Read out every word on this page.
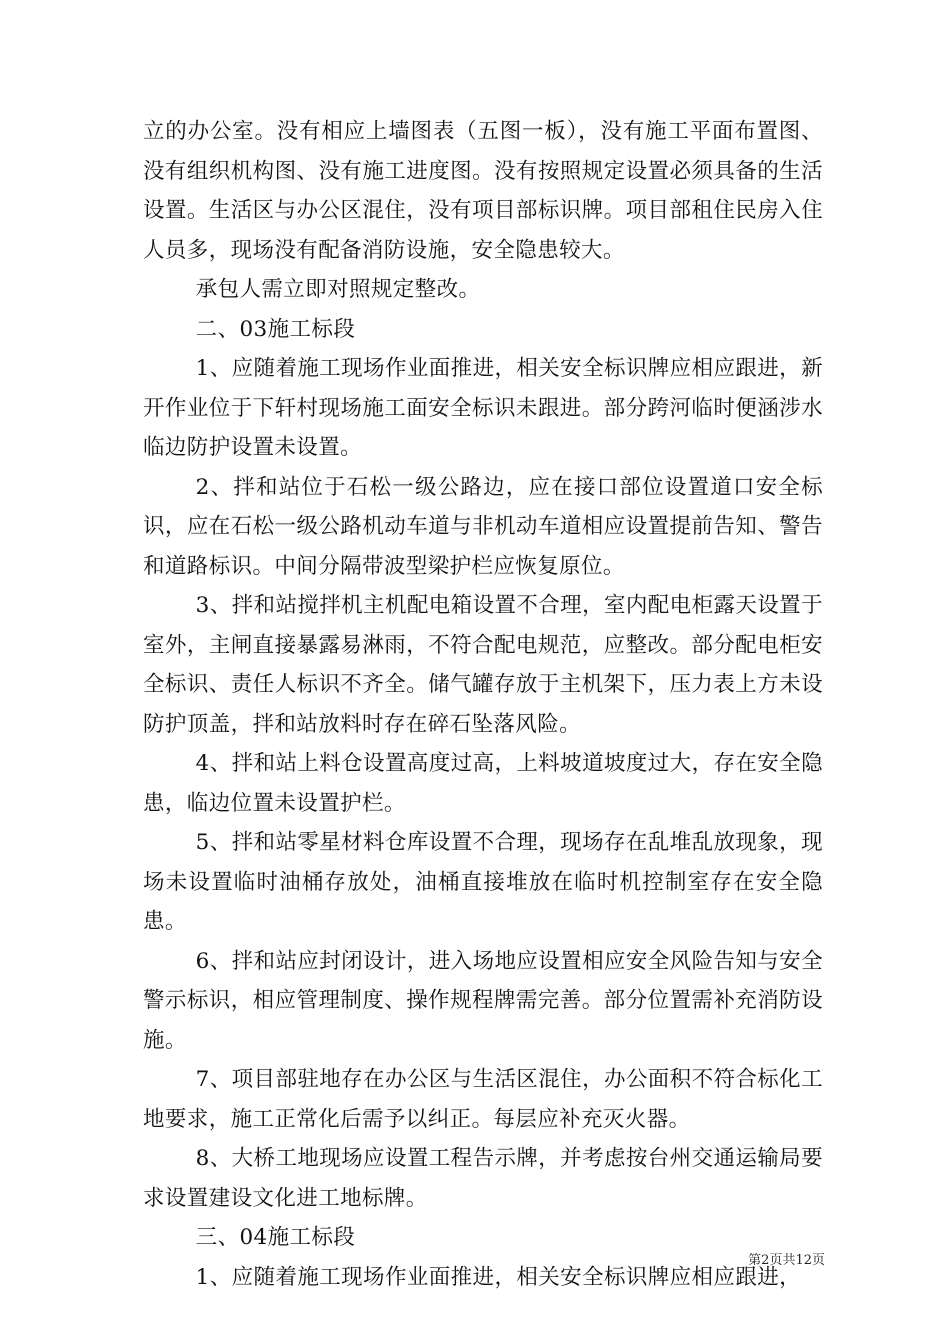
立的办公室。没有相应上墙图表（五图一板），没有施工平面布置图、没有组织机构图、没有施工进度图。没有按照规定设置必须具备的生活设置。生活区与办公区混住，没有项目部标识牌。项目部租住民房入住人员多，现场没有配备消防设施，安全隐患较大。

承包人需立即对照规定整改。

二、03施工标段

1、应随着施工现场作业面推进，相关安全标识牌应相应跟进，新开作业位于下轩村现场施工面安全标识未跟进。部分跨河临时便涵涉水临边防护设置未设置。

2、拌和站位于石松一级公路边，应在接口部位设置道口安全标识，应在石松一级公路机动车道与非机动车道相应设置提前告知、警告和道路标识。中间分隔带波型梁护栏应恢复原位。

3、拌和站搅拌机主机配电箱设置不合理，室内配电柜露天设置于室外，主闸直接暴露易淋雨，不符合配电规范，应整改。部分配电柜安全标识、责任人标识不齐全。储气罐存放于主机架下，压力表上方未设防护顶盖，拌和站放料时存在碎石坠落风险。

4、拌和站上料仓设置高度过高，上料坡道坡度过大，存在安全隐患，临边位置未设置护栏。

5、拌和站零星材料仓库设置不合理，现场存在乱堆乱放现象，现场未设置临时油桶存放处，油桶直接堆放在临时机控制室存在安全隐患。

6、拌和站应封闭设计，进入场地应设置相应安全风险告知与安全警示标识，相应管理制度、操作规程牌需完善。部分位置需补充消防设施。

7、项目部驻地存在办公区与生活区混住，办公面积不符合标化工地要求，施工正常化后需予以纠正。每层应补充灭火器。

8、大桥工地现场应设置工程告示牌，并考虑按台州交通运输局要求设置建设文化进工地标牌。

三、04施工标段

1、应随着施工现场作业面推进，相关安全标识牌应相应跟进，

第2页共12页
